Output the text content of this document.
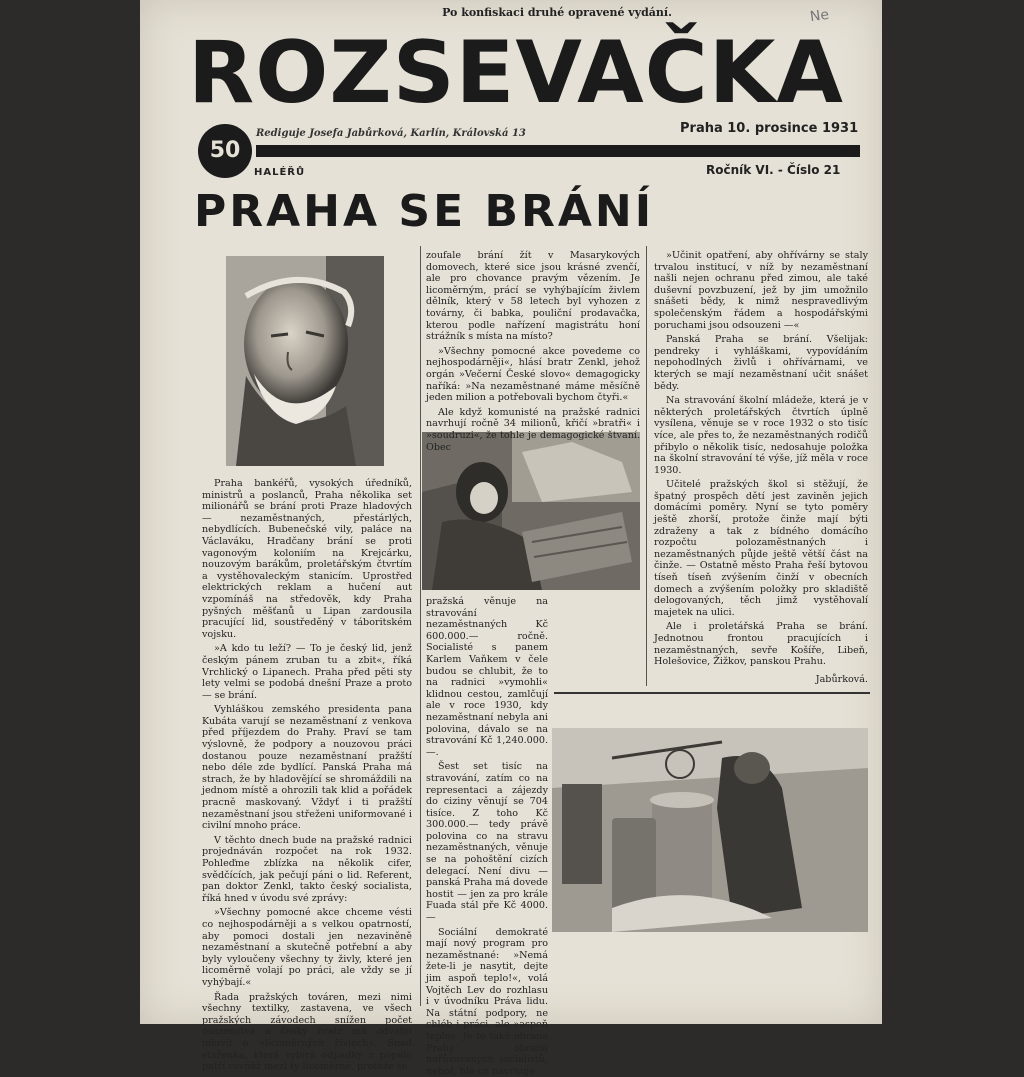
Po konfiskaci druhé opravené vydání.	Ne
ROZSEVAČKA
50
HALÉŘŮ
Rediguje Josefa Jabůrková, Karlín, Královská 13	Praha 10. prosince 1931
Ročník VI. - Číslo 21
PRAHA SE BRÁNÍ

Praha bankéřů, vysokých úředníků, ministrů a poslanců, Praha několika set milionářů se brání proti Praze hladových — nezaměstnaných, přestárlých, nebydlících. Bubenečské vily, paláce na Václaváku, Hradčany brání se proti vagonovým koloniím na Krejcárku, nouzovým barákům, proletářským čtvrtím a vystěhovaleckým stanicím. Uprostřed elektrických reklam a hučení aut vzpomínáš na středověk, kdy Praha pyšných měšťanů u Lipan zardousila pracující lid, soustředěný v táboritském vojsku.

»A kdo tu leží? — To je český lid, jenž českým pánem zruban tu a zbit«, říká Vrchlický o Lipanech. Praha před pěti sty lety velmi se podobá dnešní Praze a proto — se brání.

Vyhláškou zemského presidenta pana Kubáta varují se nezaměstnaní z venkova před příjezdem do Prahy. Praví se tam výslovně, že podpory a nouzovou práci dostanou pouze nezaměstnaní pražští nebo déle zde bydlící. Panská Praha má strach, že by hladovějící se shromáždili na jednom místě a ohrozili tak klid a pořádek pracně maskovaný. Vždyť i ti pražští nezaměstnaní jsou střeženi uniformované i civilní mnoho práce.

V těchto dnech bude na pražské radnici projednáván rozpočet na rok 1932. Pohleďme zblízka na několik cifer, svědčících, jak pečují páni o lid. Referent, pan doktor Zenkl, takto český socialista, říká hned v úvodu své zprávy:

»Všechny pomocné akce chceme vésti co nejhospodárněji a s velkou opatrností, aby pomoci dostali jen nezaviněně nezaměstnaní a skutečně potřební a aby byly vyloučeny všechny ty živly, které jen licoměrně volají po práci, ale vždy se jí vyhýbají.«

Řada pražských továren, mezi nimi všechny textilky, zastavena, ve všech pražských závodech snížen počet osazenstva a český bratr má odvahu mluvit o »licoměrných živlech«. Snad stařenka, která vybírá odpadky z popele patří rovněž mezi ty licoměrné, protože se

zoufale brání žít v Masarykových domovech, které sice jsou krásné zvenčí, ale pro chovance pravým vězením. Je licoměrným, prácí se vyhýbajícím živlem dělník, který v 58 letech byl vyhozen z továrny, či babka, pouliční prodavačka, kterou podle nařízení magistrátu honí strážník s místa na místo?

»Všechny pomocné akce povedeme co nejhospodárněji«, hlásí bratr Zenkl, jehož orgán »Večerní České slovo« demagogicky naříká: »Na nezaměstnané máme měsíčně jeden milion a potřebovali bychom čtyři.«

Ale když komunisté na pražské radnici navrhují ročně 34 milionů, křičí »bratři« i »soudruzi«, že tohle je demagogické štvaní. Obec

pražská věnuje na stravování nezaměstnaných Kč 600.000.— ročně. Socialisté s panem Karlem Vaňkem v čele budou se chlubit, že to na radnici »vymohli« klidnou cestou, zamlčují ale v roce 1930, kdy nezaměstnaní nebyla ani polovina, dávalo se na stravování Kč 1,240.000.—.

Šest set tisíc na stravování, zatím co na representaci a zájezdy do ciziny věnují se 704 tisíce. Z toho Kč 300.000.— tedy právě polovina co na stravu nezaměstnaných, věnuje se na pohoštění cizích delegací. Není divu — panská Praha má dovede hostit — jen za pro krále Fuada stál pře Kč 4000.—

Sociální demokraté mají nový program pro nezaměstnané: »Nemá žete-li je nasytit, dejte jim aspoň teplo!«, volá Vojtěch Lev do rozhlasu i v úvodníku Práva lidu. Na státní podpory, ne chléb i práci, ale »aspoň teplo«. Je to také obrana Prahy obrana nařůzovaných socialistů, neboť, hle co navrhuje:

»Učinit opatření, aby ohřívárny se staly trvalou institucí, v níž by nezaměstnaní našli nejen ochranu před zimou, ale také duševní povzbuzení, jež by jim umožnilo snášeti bědy, k nimž nespravedlivým společenským řádem a hospodářskými poruchami jsou odsouzeni —«

Panská Praha se brání. Všelijak: pendreky i vyhláškami, vypovídáním nepohodlných živlů i ohřívárnami, ve kterých se mají nezaměstnaní učit snášet bědy.

Na stravování školní mládeže, která je v některých proletářských čtvrtích úplně vysílena, věnuje se v roce 1932 o sto tisíc více, ale přes to, že nezaměstnaných rodičů přibylo o několik tisíc, nedosahuje položka na školní stravování té výše, jíž měla v roce 1930.

Učitelé pražských škol si stěžují, že špatný prospěch dětí jest zaviněn jejich domácími poměry. Nyní se tyto poměry ještě zhorší, protože činže mají býti zdraženy a tak z bídného domácího rozpočtu polozaměstnaných i nezaměstnaných půjde ještě větší část na činže. — Ostatně město Praha řeší bytovou tíseň tíseň zvýšením činží v obecních domech a zvýšením položky pro skladiště delogovaných, těch jimž vystěhovalí majetek na ulici.

Ale i proletářská Praha se brání. Jednotnou frontou pracujících i nezaměstnaných, sevře Košíře, Libeň, Holešovice, Žižkov, panskou Prahu.

Jabůrková.
